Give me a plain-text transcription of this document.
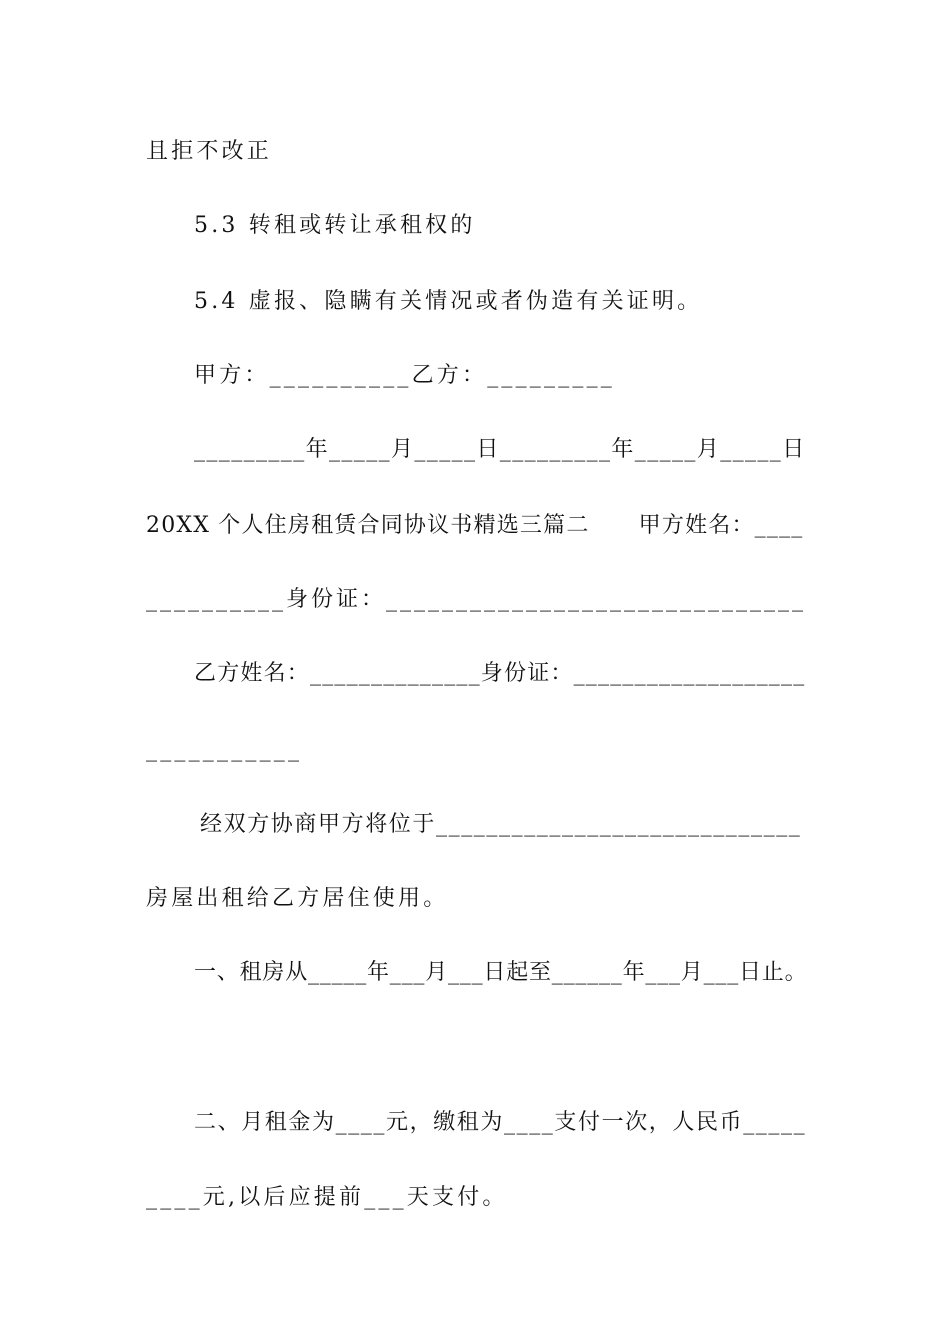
且拒不改正
5.3 转租或转让承租权的
5.4 虚报、隐瞒有关情况或者伪造有关证明。
甲方：__________乙方：_________
_________年_____月_____日_________年_____月_____日
20XX 个人住房租赁合同协议书精选三篇二      甲方姓名：____
__________身份证：______________________________
乙方姓名：______________身份证：___________________
___________
经双方协商甲方将位于_____________________________
房屋出租给乙方居住使用。
一、租房从_____年___月___日起至______年___月___日止。
二、月租金为____元，缴租为____支付一次，人民币_____
____元,以后应提前___天支付。
